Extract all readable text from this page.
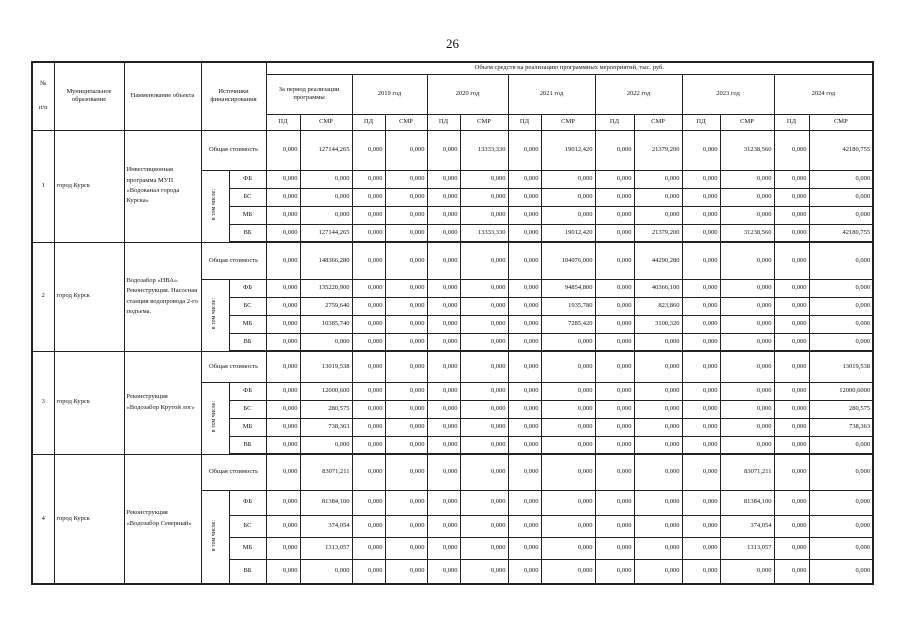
26
№

п/п	Муниципальное образование	Наименование объекта	Источники финансирования		Объем средств на реализацию программных мероприятий, тыс. руб.													
					За период реализации программы		2019 год		2020 год		2021 год		2022 год		2023 год		2024 год	
					ПД	СМР	ПД	СМР	ПД	СМР	ПД	СМР	ПД	СМР	ПД	СМР	ПД	СМР
1	город Курск	Инвестиционная программа МУП «Водоканал города Курска»	Общая стоимость		0,000	127144,265	0,000	0,000	0,000	13333,330	0,000	19012,420	0,000	21379,200	0,000	31238,560	0,000	42180,755
			в том числе:	ФБ	0,000	0,000	0,000	0,000	0,000	0,000	0,000	0,000	0,000	0,000	0,000	0,000	0,000	0,000
				БС	0,000	0,000	0,000	0,000	0,000	0,000	0,000	0,000	0,000	0,000	0,000	0,000	0,000	0,000
				МБ	0,000	0,000	0,000	0,000	0,000	0,000	0,000	0,000	0,000	0,000	0,000	0,000	0,000	0,000
				ВБ	0,000	127144,265	0,000	0,000	0,000	13333,330	0,000	19012,420	0,000	21379,200	0,000	31238,560	0,000	42180,755
2	город Курск	Водозабор «НВА». Реконструкция. Насосная станция водопровода 2-го подъема.	Общая стоимость		0,000	148366,280	0,000	0,000	0,000	0,000	0,000	104076,000	0,000	44290,280	0,000	0,000	0,000	0,000
			в том числе:	ФБ	0,000	135220,900	0,000	0,000	0,000	0,000	0,000	94854,800	0,000	40366,100	0,000	0,000	0,000	0,000
				БС	0,000	2759,640	0,000	0,000	0,000	0,000	0,000	1935,780	0,000	823,860	0,000	0,000	0,000	0,000
				МБ	0,000	10385,740	0,000	0,000	0,000	0,000	0,000	7285,420	0,000	3100,320	0,000	0,000	0,000	0,000
				ВБ	0,000	0,000	0,000	0,000	0,000	0,000	0,000	0,000	0,000	0,000	0,000	0,000	0,000	0,000
3	город Курск	Реконструкция «Водозабор Крутой лог»	Общая стоимость		0,000	13019,538	0,000	0,000	0,000	0,000	0,000	0,000	0,000	0,000	0,000	0,000	0,000	13019,538
			в том числе:	ФБ	0,000	12000,600	0,000	0,000	0,000	0,000	0,000	0,000	0,000	0,000	0,000	0,000	0,000	12000,6000
				БС	0,000	280,575	0,000	0,000	0,000	0,000	0,000	0,000	0,000	0,000	0,000	0,000	0,000	280,575
				МБ	0,000	738,363	0,000	0,000	0,000	0,000	0,000	0,000	0,000	0,000	0,000	0,000	0,000	738,363
				ВБ	0,000	0,000	0,000	0,000	0,000	0,000	0,000	0,000	0,000	0,000	0,000	0,000	0,000	0,000
4	город Курск	Реконструкция «Водозабор Северный»	Общая стоимость		0,000	83071,211	0,000	0,000	0,000	0,000	0,000	0,000	0,000	0,000	0,000	83071,211	0,000	0,000
			в том числе:	ФБ	0,000	81384,100	0,000	0,000	0,000	0,000	0,000	0,000	0,000	0,000	0,000	81384,100	0,000	0,000
				БС	0,000	374,054	0,000	0,000	0,000	0,000	0,000	0,000	0,000	0,000	0,000	374,054	0,000	0,000
				МБ	0,000	1313,057	0,000	0,000	0,000	0,000	0,000	0,000	0,000	0,000	0,000	1313,057	0,000	0,000
				ВБ	0,000	0,000	0,000	0,000	0,000	0,000	0,000	0,000	0,000	0,000	0,000	0,000	0,000	0,000
